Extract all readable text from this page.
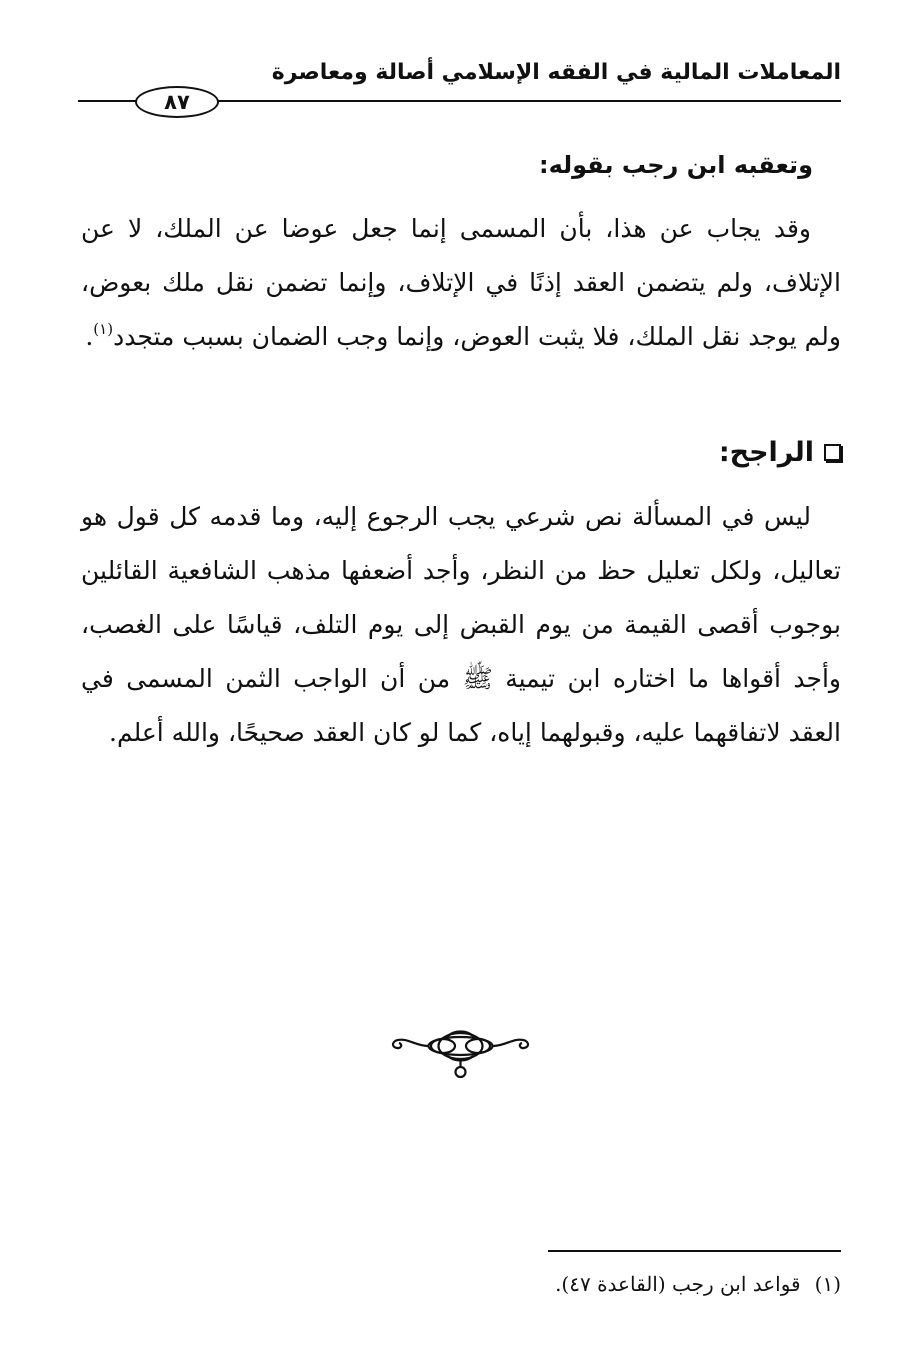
المعاملات المالية في الفقه الإسلامي أصالة ومعاصرة
٨٧
وتعقبه ابن رجب بقوله:
وقد يجاب عن هذا، بأن المسمى إنما جعل عوضا عن الملك، لا عن الإتلاف، ولم يتضمن العقد إذنًا في الإتلاف، وإنما تضمن نقل ملك بعوض، ولم يوجد نقل الملك، فلا يثبت العوض، وإنما وجب الضمان بسبب متجدد$^{(١)}$.
الراجح:
ليس في المسألة نص شرعي يجب الرجوع إليه، وما قدمه كل قول هو تعاليل، ولكل تعليل حظ من النظر، وأجد أضعفها مذهب الشافعية القائلين بوجوب أقصى القيمة من يوم القبض إلى يوم التلف، قياسًا على الغصب، وأجد أقواها ما اختاره ابن تيمية ﷺ من أن الواجب الثمن المسمى في العقد لاتفاقهما عليه، وقبولهما إياه، كما لو كان العقد صحيحًا، والله أعلم.
(١)قواعد ابن رجب (القاعدة ٤٧).
